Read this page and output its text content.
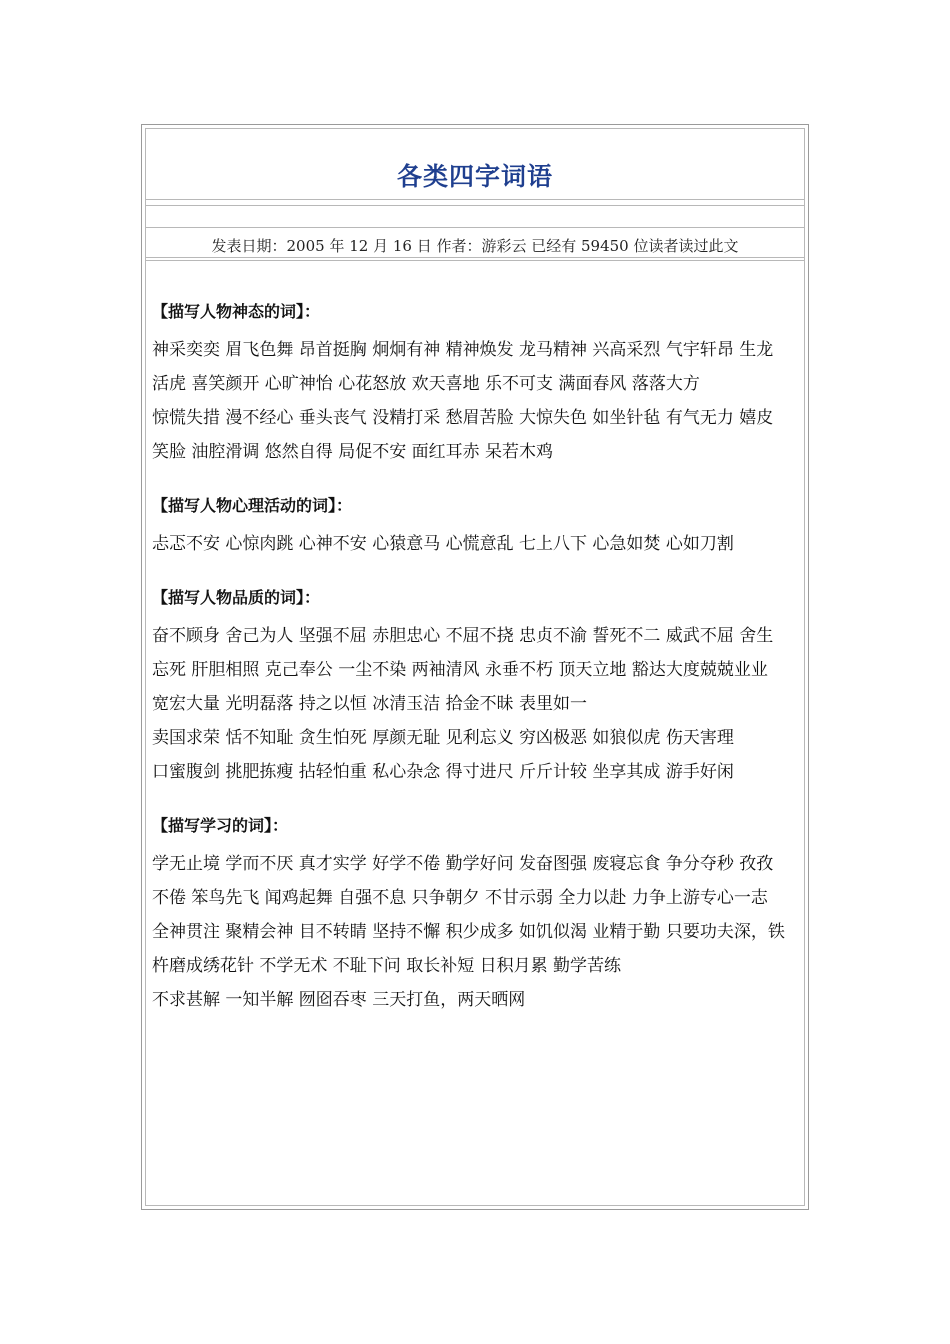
各类四字词语
发表日期：2005 年 12 月 16 日 作者：游彩云 已经有 59450 位读者读过此文
【描写人物神态的词】：

神采奕奕 眉飞色舞 昂首挺胸 炯炯有神 精神焕发 龙马精神 兴高采烈 气宇轩昂 生龙活虎 喜笑颜开 心旷神怡 心花怒放 欢天喜地 乐不可支 满面春风 落落大方

惊慌失措 漫不经心 垂头丧气 没精打采 愁眉苦脸 大惊失色 如坐针毡 有气无力 嬉皮笑脸 油腔滑调 悠然自得 局促不安 面红耳赤 呆若木鸡

【描写人物心理活动的词】：

忐忑不安 心惊肉跳 心神不安 心猿意马 心慌意乱 七上八下 心急如焚 心如刀割

【描写人物品质的词】：

奋不顾身 舍己为人 坚强不屈 赤胆忠心 不屈不挠 忠贞不渝 誓死不二 威武不屈 舍生忘死 肝胆相照 克己奉公 一尘不染 两袖清风 永垂不朽 顶天立地 豁达大度兢兢业业 宽宏大量 光明磊落 持之以恒 冰清玉洁 拾金不昧 表里如一

卖国求荣 恬不知耻 贪生怕死 厚颜无耻 见利忘义 穷凶极恶 如狼似虎 伤天害理

口蜜腹剑 挑肥拣瘦 拈轻怕重 私心杂念 得寸进尺 斤斤计较 坐享其成 游手好闲

【描写学习的词】：

学无止境 学而不厌 真才实学 好学不倦 勤学好问 发奋图强 废寝忘食 争分夺秒 孜孜不倦 笨鸟先飞 闻鸡起舞 自强不息 只争朝夕 不甘示弱 全力以赴 力争上游专心一志 全神贯注 聚精会神 目不转睛 坚持不懈 积少成多 如饥似渴 业精于勤 只要功夫深，铁杵磨成绣花针 不学无术 不耻下问 取长补短 日积月累 勤学苦练

不求甚解 一知半解 囫囵吞枣 三天打鱼，两天晒网
